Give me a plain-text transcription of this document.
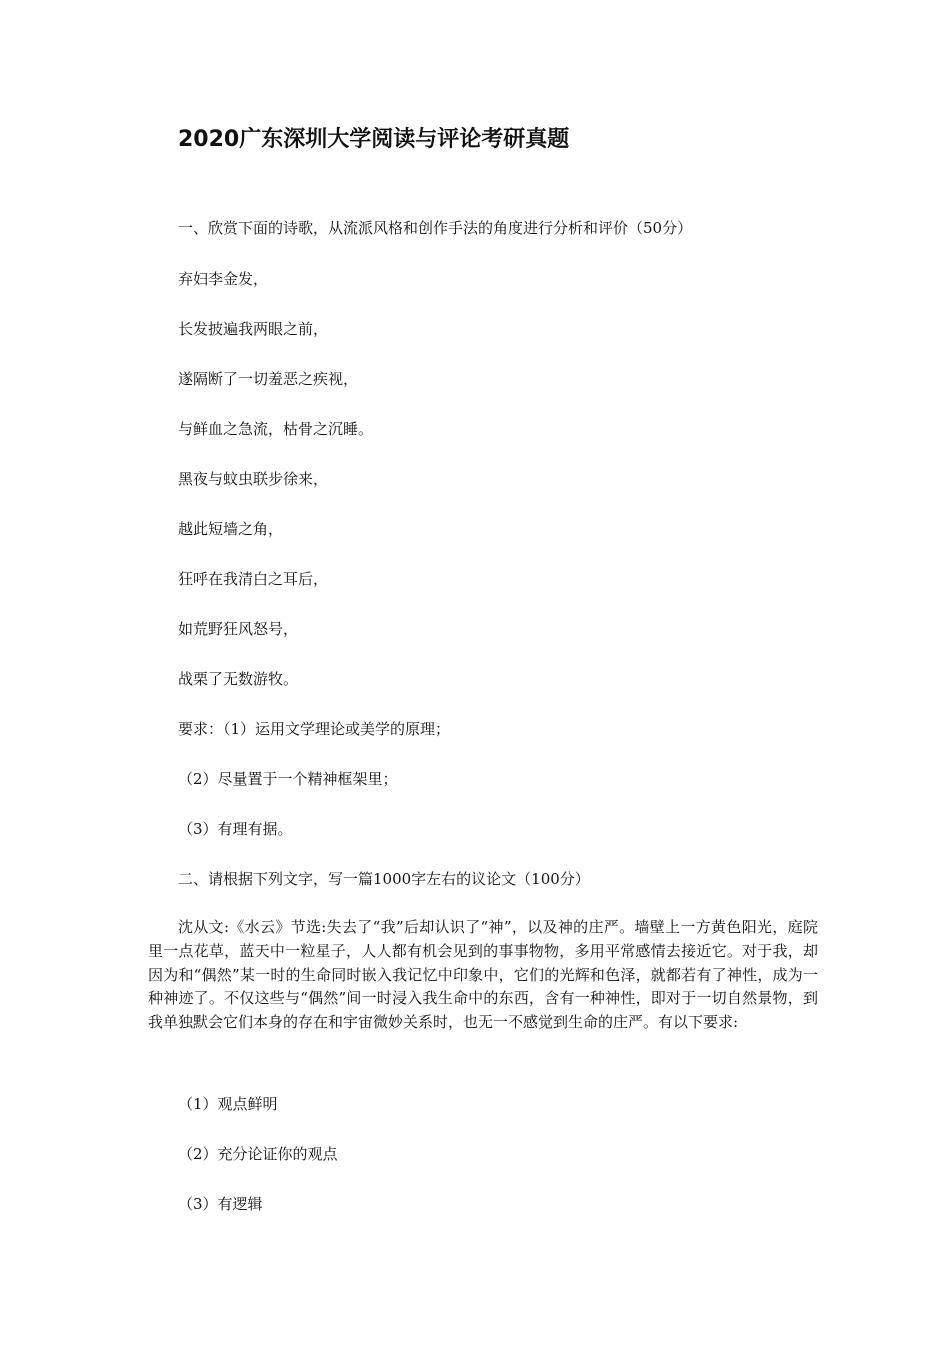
2020广东深圳大学阅读与评论考研真题

一、欣赏下面的诗歌，从流派风格和创作手法的角度进行分析和评价（50分）

弃妇李金发，

长发披遍我两眼之前，

遂隔断了一切羞恶之疾视，

与鲜血之急流，枯骨之沉睡。

黑夜与蚊虫联步徐来，

越此短墙之角，

狂呼在我清白之耳后，

如荒野狂风怒号，

战栗了无数游牧。

要求：（1）运用文学理论或美学的原理；

（2）尽量置于一个精神框架里；

（3）有理有据。

二、请根据下列文字，写一篇1000字左右的议论文（100分）

沈从文:《水云》节选:失去了“我”后却认识了“神”，以及神的庄严。墙壁上一方黄色阳光，庭院里一点花草，蓝天中一粒星子，人人都有机会见到的事事物物，多用平常感情去接近它。对于我，却因为和“偶然”某一时的生命同时嵌入我记忆中印象中，它们的光辉和色泽，就都若有了神性，成为一种神迹了。不仅这些与“偶然”间一时浸入我生命中的东西，含有一种神性，即对于一切自然景物，到我单独默会它们本身的存在和宇宙微妙关系时，也无一不感觉到生命的庄严。有以下要求:

（1）观点鲜明

（2）充分论证你的观点

（3）有逻辑
